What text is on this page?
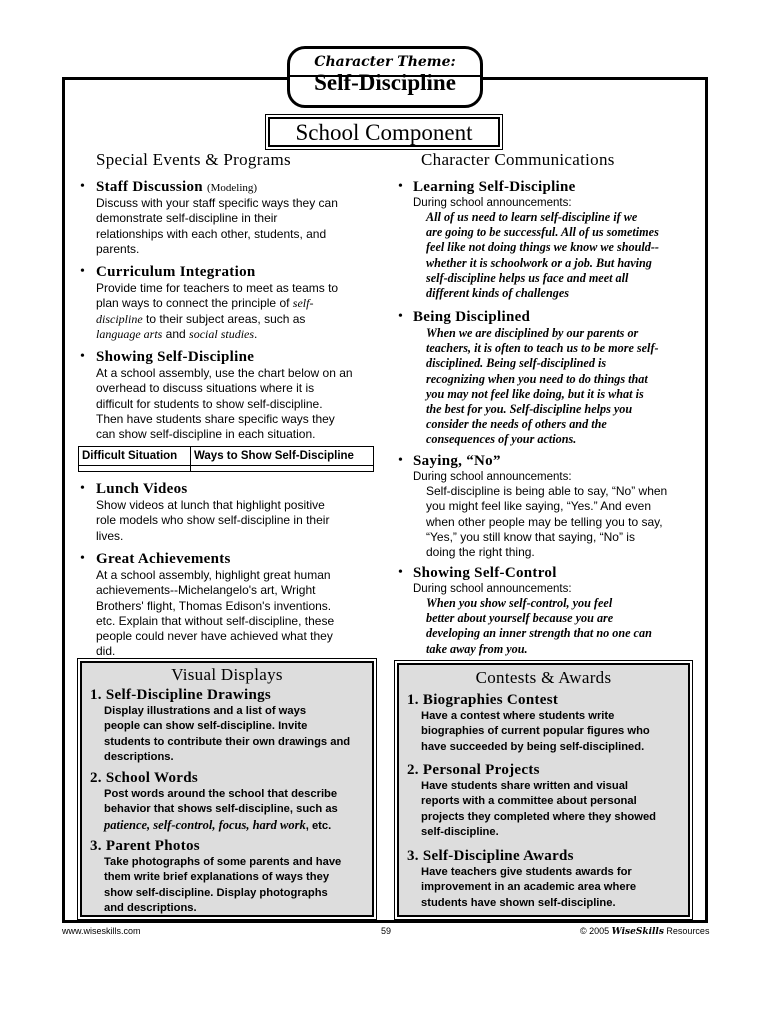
Character Theme:
Self-Discipline
School Component
Special Events & Programs
• Staff Discussion (Modeling)
Discuss with your staff specific ways they can
demonstrate self-discipline in their
relationships with each other, students, and
parents.
• Curriculum Integration
Provide time for teachers to meet as teams to
plan ways to connect the principle of self-
discipline to their subject areas, such as
language arts and social studies.
• Showing Self-Discipline
At a school assembly, use the chart below on an
overhead to discuss situations where it is
difficult for students to show self-discipline.
Then have students share specific ways they
can show self-discipline in each situation.
Difficult Situation	Ways to Show Self-Discipline

• Lunch Videos
Show videos at lunch that highlight positive
role models who show self-discipline in their
lives.
• Great Achievements
At a school assembly, highlight great human
achievements--Michelangelo's art, Wright
Brothers' flight, Thomas Edison's inventions.
etc. Explain that without self-discipline, these
people could never have achieved what they
did.
Character Communications
• Learning Self-Discipline
During school announcements:
All of us need to learn self-discipline if we
are going to be successful. All of us sometimes
feel like not doing things we know we should--
whether it is schoolwork or a job. But having
self-discipline helps us face and meet all
different kinds of challenges
• Being Disciplined
When we are disciplined by our parents or
teachers, it is often to teach us to be more self-
disciplined. Being self-disciplined is
recognizing when you need to do things that
you may not feel like doing, but it is what is
the best for you. Self-discipline helps you
consider the needs of others and the
consequences of your actions.
• Saying, “No”
During school announcements:
Self-discipline is being able to say, “No” when
you might feel like saying, “Yes.” And even
when other people may be telling you to say,
“Yes,” you still know that saying, “No” is
doing the right thing.
• Showing Self-Control
During school announcements:
When you show self-control, you feel
better about yourself because you are
developing an inner strength that no one can
take away from you.
Visual Displays
1. Self-Discipline Drawings
Display illustrations and a list of ways
people can show self-discipline. Invite
students to contribute their own drawings and
descriptions.
2. School Words
Post words around the school that describe
behavior that shows self-discipline, such as
patience, self-control, focus, hard work, etc.
3. Parent Photos
Take photographs of some parents and have
them write brief explanations of ways they
show self-discipline. Display photographs
and descriptions.
Contests & Awards
1. Biographies Contest
Have a contest where students write
biographies of current popular figures who
have succeeded by being self-disciplined.
2. Personal Projects
Have students share written and visual
reports with a committee about personal
projects they completed where they showed
self-discipline.
3. Self-Discipline Awards
Have teachers give students awards for
improvement in an academic area where
students have shown self-discipline.
www.wiseskills.com	59	© 2005 WiseSkills Resources
